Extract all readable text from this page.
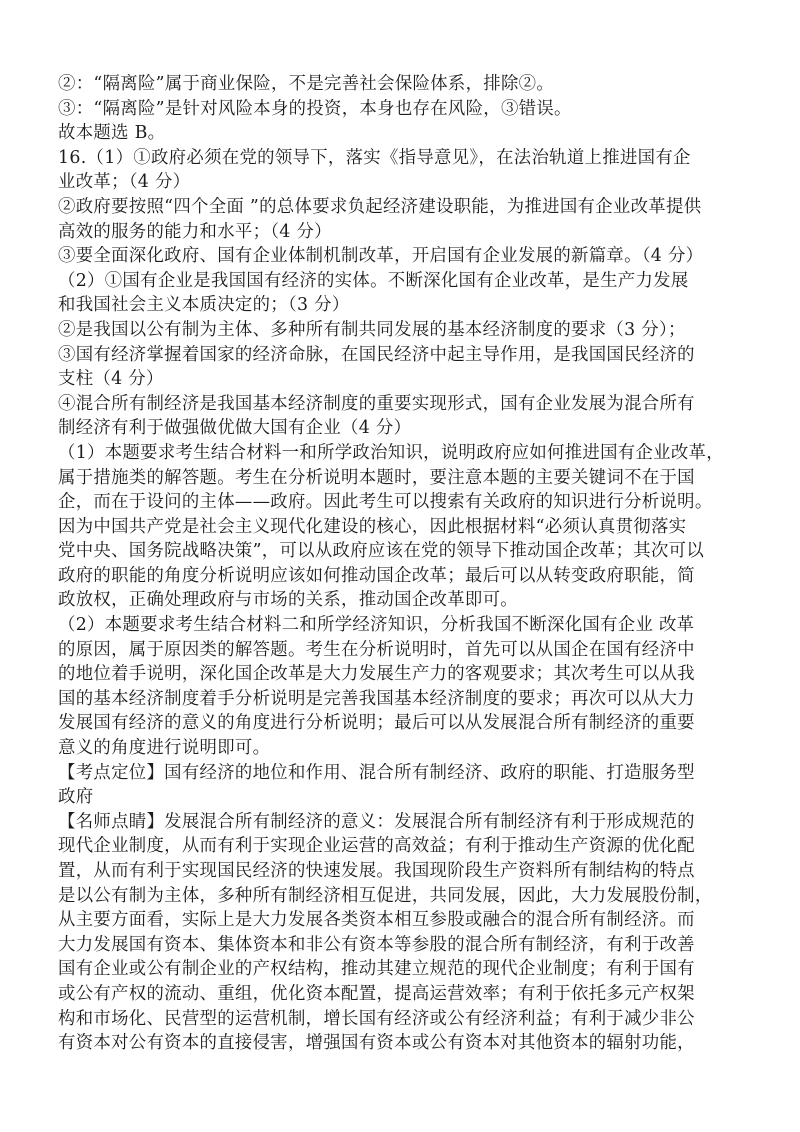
②：“隔离险”属于商业保险，不是完善社会保险体系，排除②。
③：“隔离险”是针对风险本身的投资，本身也存在风险，③错误。
故本题选 B。
16.（1）①政府必须在党的领导下，落实《指导意见》，在法治轨道上推进国有企
业改革；（4 分）
②政府要按照“四个全面 ”的总体要求负起经济建设职能，为推进国有企业改革提供
高效的服务的能力和水平；（4 分）
③要全面深化政府、国有企业体制机制改革，开启国有企业发展的新篇章。（4 分）
（2）①国有企业是我国国有经济的实体。不断深化国有企业改革，是生产力发展
和我国社会主义本质决定的；（3 分）
②是我国以公有制为主体、多种所有制共同发展的基本经济制度的要求（3 分）；
③国有经济掌握着国家的经济命脉，在国民经济中起主导作用，是我国国民经济的
支柱（4 分）
④混合所有制经济是我国基本经济制度的重要实现形式，国有企业发展为混合所有
制经济有利于做强做优做大国有企业（4 分）
（1）本题要求考生结合材料一和所学政治知识，说明政府应如何推进国有企业改革，
属于措施类的解答题。考生在分析说明本题时，要注意本题的主要关键词不在于国
企，而在于设问的主体——政府。因此考生可以搜索有关政府的知识进行分析说明。
因为中国共产党是社会主义现代化建设的核心，因此根据材料“必须认真贯彻落实
党中央、国务院战略决策”，可以从政府应该在党的领导下推动国企改革；其次可以
政府的职能的角度分析说明应该如何推动国企改革；最后可以从转变政府职能，简
政放权，正确处理政府与市场的关系，推动国企改革即可。
（2）本题要求考生结合材料二和所学经济知识，分析我国不断深化国有企业 改革
的原因，属于原因类的解答题。考生在分析说明时，首先可以从国企在国有经济中
的地位着手说明，深化国企改革是大力发展生产力的客观要求；其次考生可以从我
国的基本经济制度着手分析说明是完善我国基本经济制度的要求；再次可以从大力
发展国有经济的意义的角度进行分析说明；最后可以从发展混合所有制经济的重要
意义的角度进行说明即可。
【考点定位】国有经济的地位和作用、混合所有制经济、政府的职能、打造服务型
政府
【名师点睛】发展混合所有制经济的意义：发展混合所有制经济有利于形成规范的
现代企业制度，从而有利于实现企业运营的高效益；有利于推动生产资源的优化配
置，从而有利于实现国民经济的快速发展。我国现阶段生产资料所有制结构的特点
是以公有制为主体，多种所有制经济相互促进，共同发展，因此，大力发展股份制，
从主要方面看，实际上是大力发展各类资本相互参股或融合的混合所有制经济。而
大力发展国有资本、集体资本和非公有资本等参股的混合所有制经济，有利于改善
国有企业或公有制企业的产权结构，推动其建立规范的现代企业制度；有利于国有
或公有产权的流动、重组，优化资本配置，提高运营效率；有利于依托多元产权架
构和市场化、民营型的运营机制，增长国有经济或公有经济利益；有利于减少非公
有资本对公有资本的直接侵害，增强国有资本或公有资本对其他资本的辐射功能，
